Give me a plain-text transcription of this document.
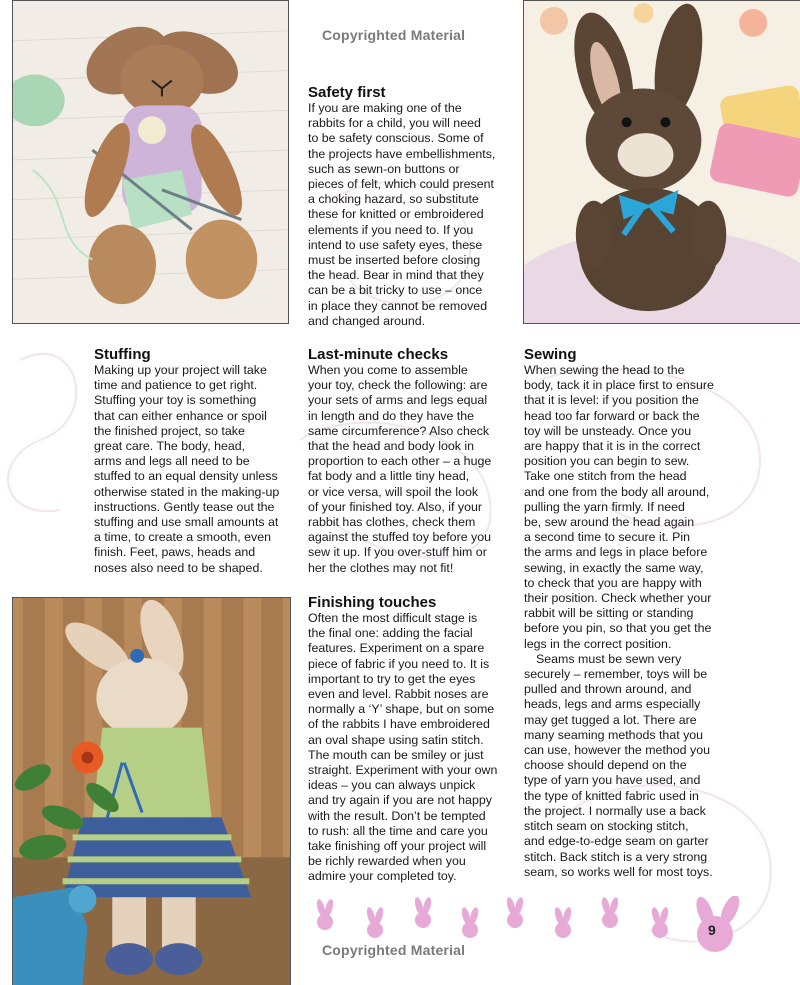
Copyrighted Material
Safety first

If you are making one of the
rabbits for a child, you will need
to be safety conscious. Some of
the projects have embellishments,
such as sewn-on buttons or
pieces of felt, which could present
a choking hazard, so substitute
these for knitted or embroidered
elements if you need to. If you
intend to use safety eyes, these
must be inserted before closing
the head. Bear in mind that they
can be a bit tricky to use – once
in place they cannot be removed
and changed around.

Stuffing

Making up your project will take
time and patience to get right.
Stuffing your toy is something
that can either enhance or spoil
the finished project, so take
great care. The body, head,
arms and legs all need to be
stuffed to an equal density unless
otherwise stated in the making-up
instructions. Gently tease out the
stuffing and use small amounts at
a time, to create a smooth, even
finish. Feet, paws, heads and
noses also need to be shaped.

Last-minute checks

When you come to assemble
your toy, check the following: are
your sets of arms and legs equal
in length and do they have the
same circumference? Also check
that the head and body look in
proportion to each other – a huge
fat body and a little tiny head,
or vice versa, will spoil the look
of your finished toy. Also, if your
rabbit has clothes, check them
against the stuffed toy before you
sew it up. If you over-stuff him or
her the clothes may not fit!

Sewing

When sewing the head to the
body, tack it in place first to ensure
that it is level: if you position the
head too far forward or back the
toy will be unsteady. Once you
are happy that it is in the correct
position you can begin to sew.
Take one stitch from the head
and one from the body all around,
pulling the yarn firmly. If need
be, sew around the head again
a second time to secure it. Pin
the arms and legs in place before
sewing, in exactly the same way,
to check that you are happy with
their position. Check whether your
rabbit will be sitting or standing
before you pin, so that you get the
legs in the correct position.

Seams must be sewn very
securely – remember, toys will be
pulled and thrown around, and
heads, legs and arms especially
may get tugged a lot. There are
many seaming methods that you
can use, however the method you
choose should depend on the
type of yarn you have used, and
the type of knitted fabric used in
the project. I normally use a back
stitch seam on stocking stitch,
and edge-to-edge seam on garter
stitch. Back stitch is a very strong
seam, so works well for most toys.

Finishing touches

Often the most difficult stage is
the final one: adding the facial
features. Experiment on a spare
piece of fabric if you need to. It is
important to try to get the eyes
even and level. Rabbit noses are
normally a ‘Y’ shape, but on some
of the rabbits I have embroidered
an oval shape using satin stitch.
The mouth can be smiley or just
straight. Experiment with your own
ideas – you can always unpick
and try again if you are not happy
with the result. Don’t be tempted
to rush: all the time and care you
take finishing off your project will
be richly rewarded when you
admire your completed toy.

9
Copyrighted Material
